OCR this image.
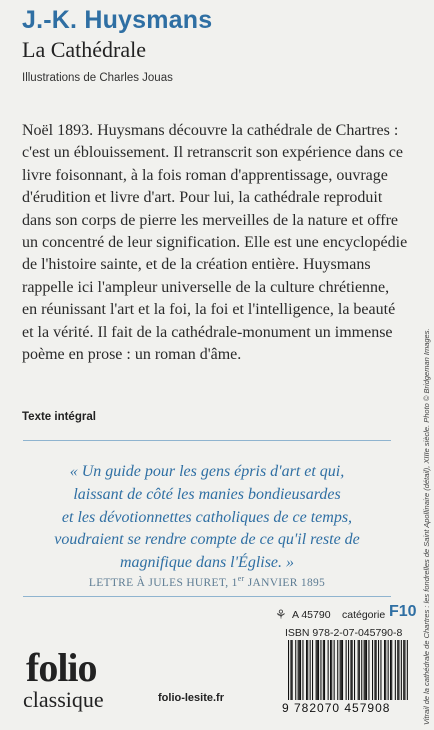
J.-K. Huysmans
La Cathédrale
Illustrations de Charles Jouas
Noël 1893. Huysmans découvre la cathédrale de Chartres :
c'est un éblouissement. Il retranscrit son expérience dans ce
livre foisonnant, à la fois roman d'apprentissage, ouvrage
d'érudition et livre d'art. Pour lui, la cathédrale reproduit
dans son corps de pierre les merveilles de la nature et offre
un concentré de leur signification. Elle est une encyclopédie
de l'histoire sainte, et de la création entière. Huysmans
rappelle ici l'ampleur universelle de la culture chrétienne,
en réunissant l'art et la foi, la foi et l'intelligence, la beauté
et la vérité. Il fait de la cathédrale-monument un immense
poème en prose : un roman d'âme.
Texte intégral
« Un guide pour les gens épris d'art et qui,
laissant de côté les manies bondieusardes
et les dévotionnettes catholiques de ce temps,
voudraient se rendre compte de ce qu'il reste de
magnifique dans l'Église. »
LETTRE À JULES HURET, 1er JANVIER 1895
folio
classique	folio-lesite.fr
⚘ A 45790 catégorie F10
ISBN 978-2-07-045790-8
9 782070 457908	Vitrail de la cathédrale de Chartres : les fondrelles de Saint Apollinaire (détail), XIIIe siècle. Photo © Bridgeman Images.
